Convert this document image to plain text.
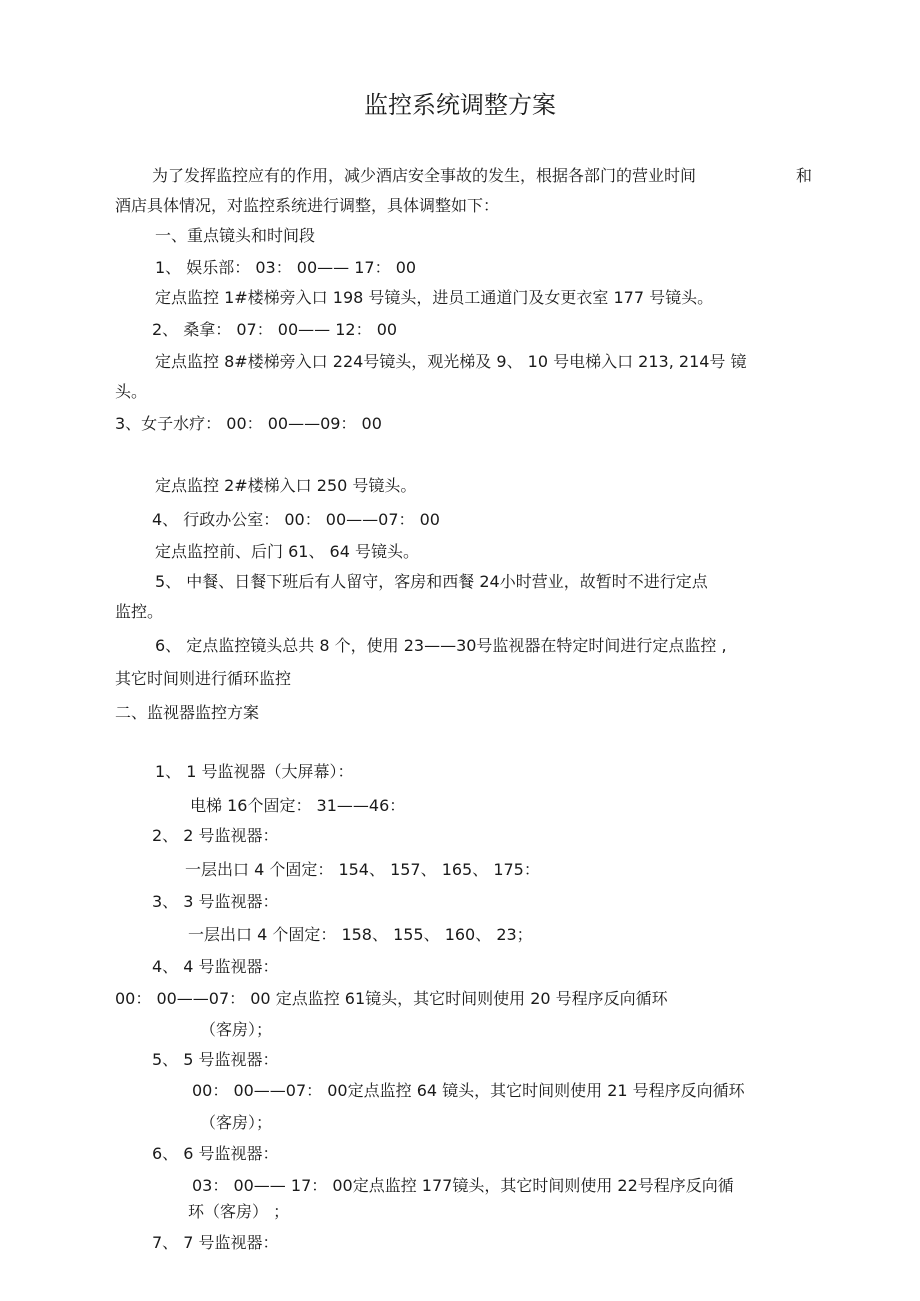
监控系统调整方案
为了发挥监控应有的作用，减少酒店安全事故的发生，根据各部门的营业时间	和
酒店具体情况，对监控系统进行调整，具体调整如下：
一、重点镜头和时间段
1、 娱乐部： 03： 00—— 17： 00
定点监控 1#楼梯旁入口 198 号镜头，进员工通道门及女更衣室 177 号镜头。
2、 桑拿： 07： 00—— 12： 00
定点监控 8#楼梯旁入口 224号镜头，观光梯及 9、 10 号电梯入口 213, 214号 镜
头。
3、女子水疗： 00： 00——09： 00
定点监控 2#楼梯入口 250 号镜头。
4、 行政办公室： 00： 00——07： 00
定点监控前、后门 61、 64 号镜头。
5、 中餐、日餐下班后有人留守，客房和西餐 24小时营业，故暂时不进行定点
监控。
6、 定点监控镜头总共 8 个，使用 23——30号监视器在特定时间进行定点监控 ,
其它时间则进行循环监控
二、监视器监控方案
1、 1 号监视器（大屏幕）：
电梯 16个固定： 31——46：
2、 2 号监视器：
一层出口 4 个固定： 154、 157、 165、 175：
3、 3 号监视器：
一层出口 4 个固定： 158、 155、 160、 23；
4、 4 号监视器：
00： 00——07： 00 定点监控 61镜头，其它时间则使用 20 号程序反向循环
（客房）；
5、 5 号监视器：
00： 00——07： 00定点监控 64 镜头，其它时间则使用 21 号程序反向循环
（客房）；
6、 6 号监视器：
03： 00—— 17： 00定点监控 177镜头，其它时间则使用 22号程序反向循
环（客房） ；
7、 7 号监视器：
